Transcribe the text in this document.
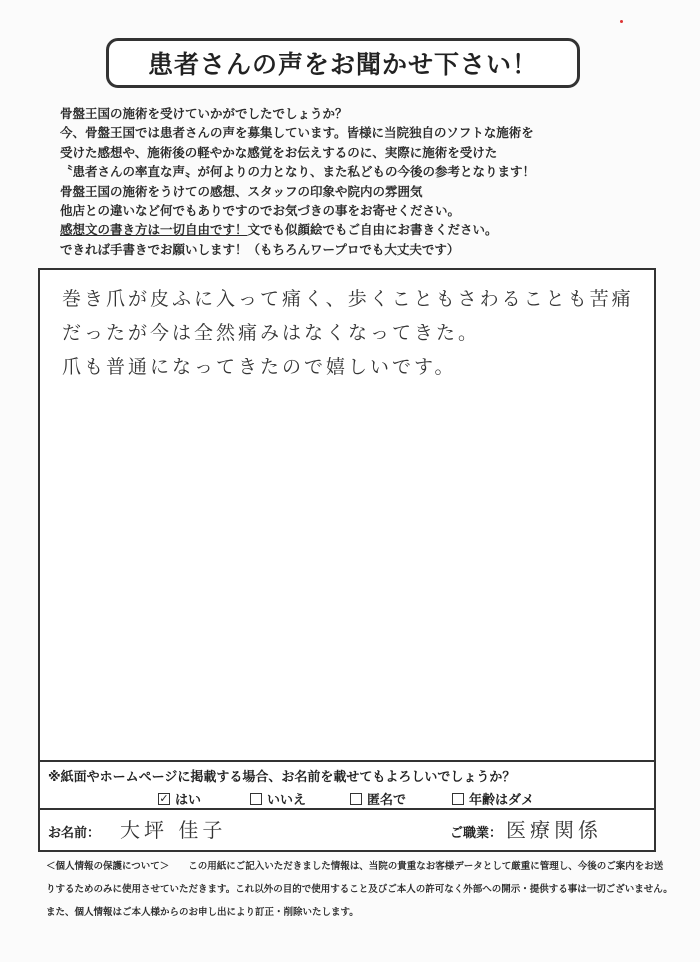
患者さんの声をお聞かせ下さい！
骨盤王国の施術を受けていかがでしたでしょうか？
今、骨盤王国では患者さんの声を募集しています。皆様に当院独自のソフトな施術を
受けた感想や、施術後の軽やかな感覚をお伝えするのに、実際に施術を受けた
〝患者さんの率直な声〟が何よりの力となり、また私どもの今後の参考となります！
骨盤王国の施術をうけての感想、スタッフの印象や院内の雰囲気
他店との違いなど何でもありですのでお気づきの事をお寄せください。
感想文の書き方は一切自由です！文でも似顔絵でもご自由にお書きください。
できれば手書きでお願いします！（もちろんワープロでも大丈夫です）
巻き爪が皮ふに入って痛く、歩くこともさわることも苦痛
だったが今は全然痛みはなくなってきた。
爪も普通になってきたので嬉しいです。
※紙面やホームページに掲載する場合、お名前を載せてもよろしいでしょうか？
✓ はい	いいえ	匿名で	年齢はダメ
お名前： 大坪 佳子	ご職業： 医療関係
＜個人情報の保護について＞　　この用紙にご記入いただきました情報は、当院の貴重なお客様データとして厳重に管理し、今後のご案内をお送
りするためのみに使用させていただきます。これ以外の目的で使用すること及びご本人の許可なく外部への開示・提供する事は一切ございません。
また、個人情報はご本人様からのお申し出により訂正・削除いたします。
